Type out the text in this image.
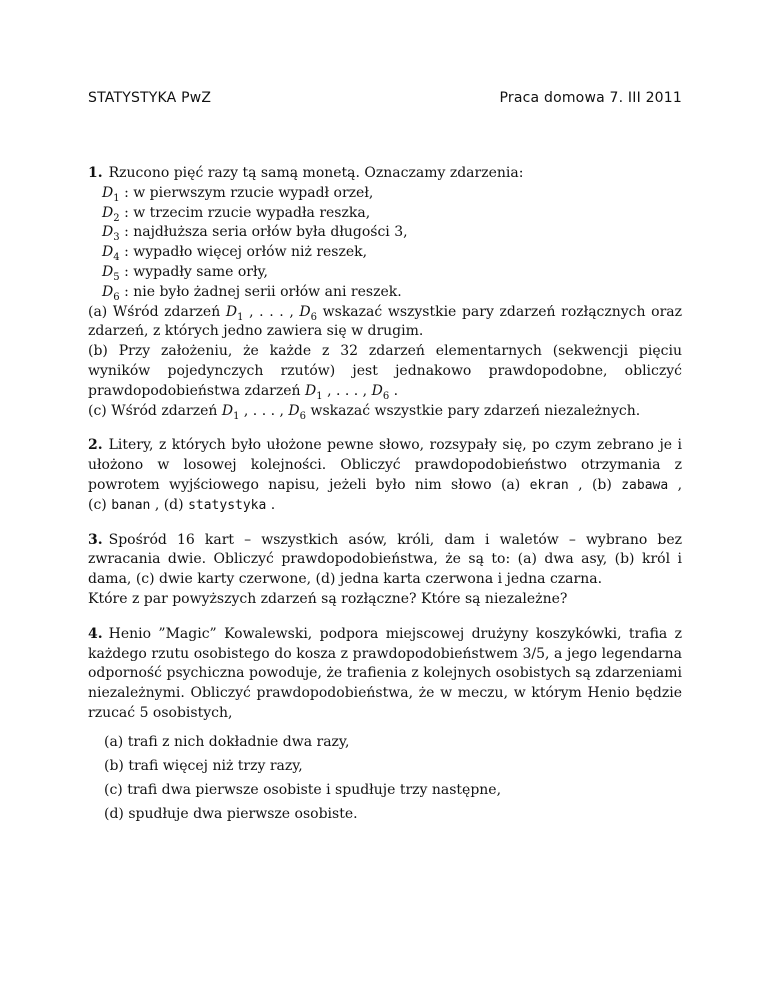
STATYSTYKA PwZ	Praca domowa 7. III 2011

1. Rzucono pięć razy tą samą monetą. Oznaczamy zdarzenia:

$D_1$ : w pierwszym rzucie wypadł orzeł,
$D_2$ : w trzecim rzucie wypadła reszka,
$D_3$ : najdłuższa seria orłów była długości 3,
$D_4$ : wypadło więcej orłów niż reszek,
$D_5$ : wypadły same orły,
$D_6$ : nie było żadnej serii orłów ani reszek.

(a) Wśród zdarzeń $D_1$ , . . . , $D_6$ wskazać wszystkie pary zdarzeń rozłącznych oraz zdarzeń, z których jedno zawiera się w drugim.

(b) Przy założeniu, że każde z 32 zdarzeń elementarnych (sekwencji pięciu wyników pojedynczych rzutów) jest jednakowo prawdopodobne, obliczyć prawdopodobieństwa zdarzeń $D_1$ , . . . , $D_6$ .

(c) Wśród zdarzeń $D_1$ , . . . , $D_6$ wskazać wszystkie pary zdarzeń niezależnych.

2. Litery, z których było ułożone pewne słowo, rozsypały się, po czym zebrano je i ułożono w losowej kolejności. Obliczyć prawdopodobieństwo otrzymania z powrotem wyjściowego napisu, jeżeli było nim słowo (a) ekran , (b) zabawa , (c) banan , (d) statystyka .

3. Spośród 16 kart – wszystkich asów, króli, dam i waletów – wybrano bez zwracania dwie. Obliczyć prawdopodobieństwa, że są to: (a) dwa asy, (b) król i dama, (c) dwie karty czerwone, (d) jedna karta czerwona i jedna czarna.

Które z par powyższych zdarzeń są rozłączne? Które są niezależne?

4. Henio ”Magic” Kowalewski, podpora miejscowej drużyny koszykówki, trafia z każdego rzutu osobistego do kosza z prawdopodobieństwem 3/5, a jego legendarna odporność psychiczna powoduje, że trafienia z kolejnych osobistych są zdarzeniami niezależnymi. Obliczyć prawdopodobieństwa, że w meczu, w którym Henio będzie rzucać 5 osobistych,

(a) trafi z nich dokładnie dwa razy,
(b) trafi więcej niż trzy razy,
(c) trafi dwa pierwsze osobiste i spudłuje trzy następne,
(d) spudłuje dwa pierwsze osobiste.
